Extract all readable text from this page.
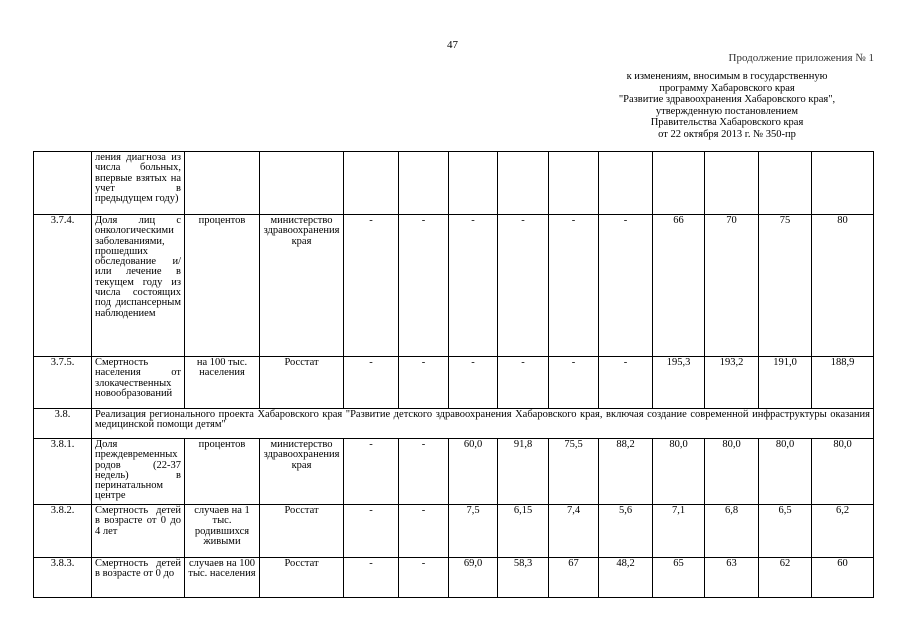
47
Продолжение приложения № 1
к изменениям, вносимым в государственную
программу Хабаровского края
"Развитие здравоохранения Хабаровского края",
утвержденную постановлением
Правительства Хабаровского края
от 22 октября 2013 г. № 350-пр
	ления диагноза из числа больных, впервые взятых на учет в предыдущем году)												
3.7.4.	Доля лиц с онкологическими заболеваниями, прошедших обследование и/или лечение в текущем году из числа состоящих под диспансерным наблюдением	процентов	министерство здравоохранения края	-	-	-	-	-	-	66	70	75	80
3.7.5.	Смертность населения от злокачественных новообразований	на 100 тыс. населения	Росстат	-	-	-	-	-	-	195,3	193,2	191,0	188,9
3.8.	Реализация регионального проекта Хабаровского края "Развитие детского здравоохранения Хабаровского края, включая создание современной инфраструктуры оказания медицинской помощи детям"												
3.8.1.	Доля преждевременных родов (22-37 недель) в перинатальном центре	процентов	министерство здравоохранения края	-	-	60,0	91,8	75,5	88,2	80,0	80,0	80,0	80,0
3.8.2.	Смертность детей в возрасте от 0 до 4 лет	случаев на 1 тыс. родившихся живыми	Росстат	-	-	7,5	6,15	7,4	5,6	7,1	6,8	6,5	6,2
3.8.3.	Смертность детей в возрасте от 0 до	случаев на 100 тыс. населения	Росстат	-	-	69,0	58,3	67	48,2	65	63	62	60
